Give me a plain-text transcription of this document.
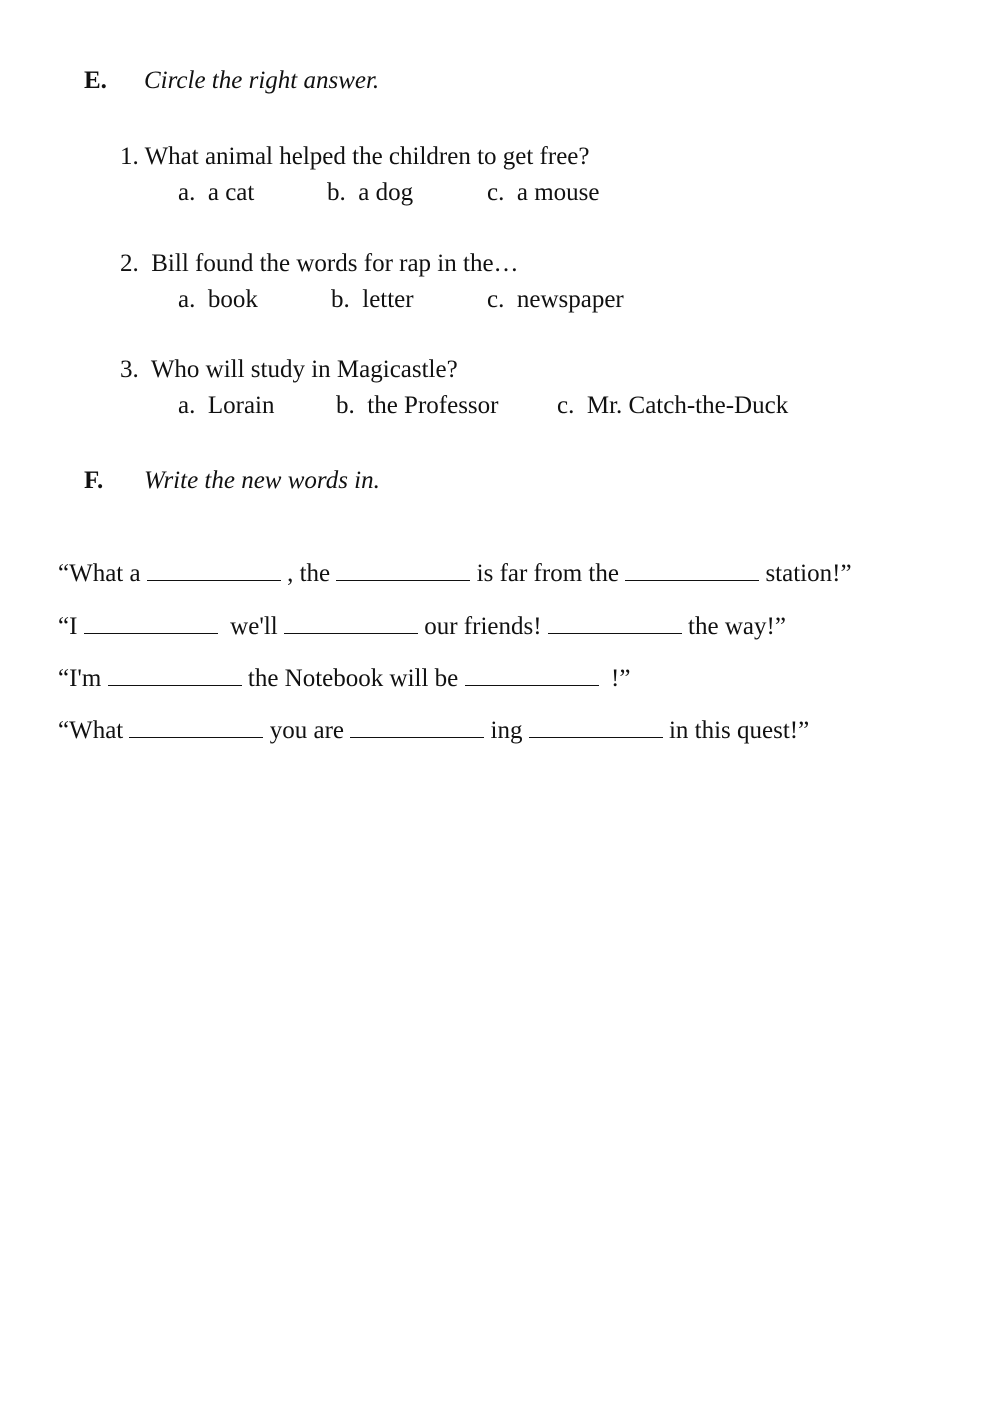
E. Circle the right answer.
1. What animal helped the children to get free?
a. a cat	b. a dog	c. a mouse
2. Bill found the words for rap in the…
a. book	b. letter	c. newspaper
3. Who will study in Magicastle?
a. Lorain b. the Professor c. Mr. Catch-the-Duck
F. Write the new words in.
“What a	, the	is far from the	station!”
“I	we'll	our friends!	the way!”
“I'm	the Notebook will be	!”
“What	you are	ing	in this quest!”
